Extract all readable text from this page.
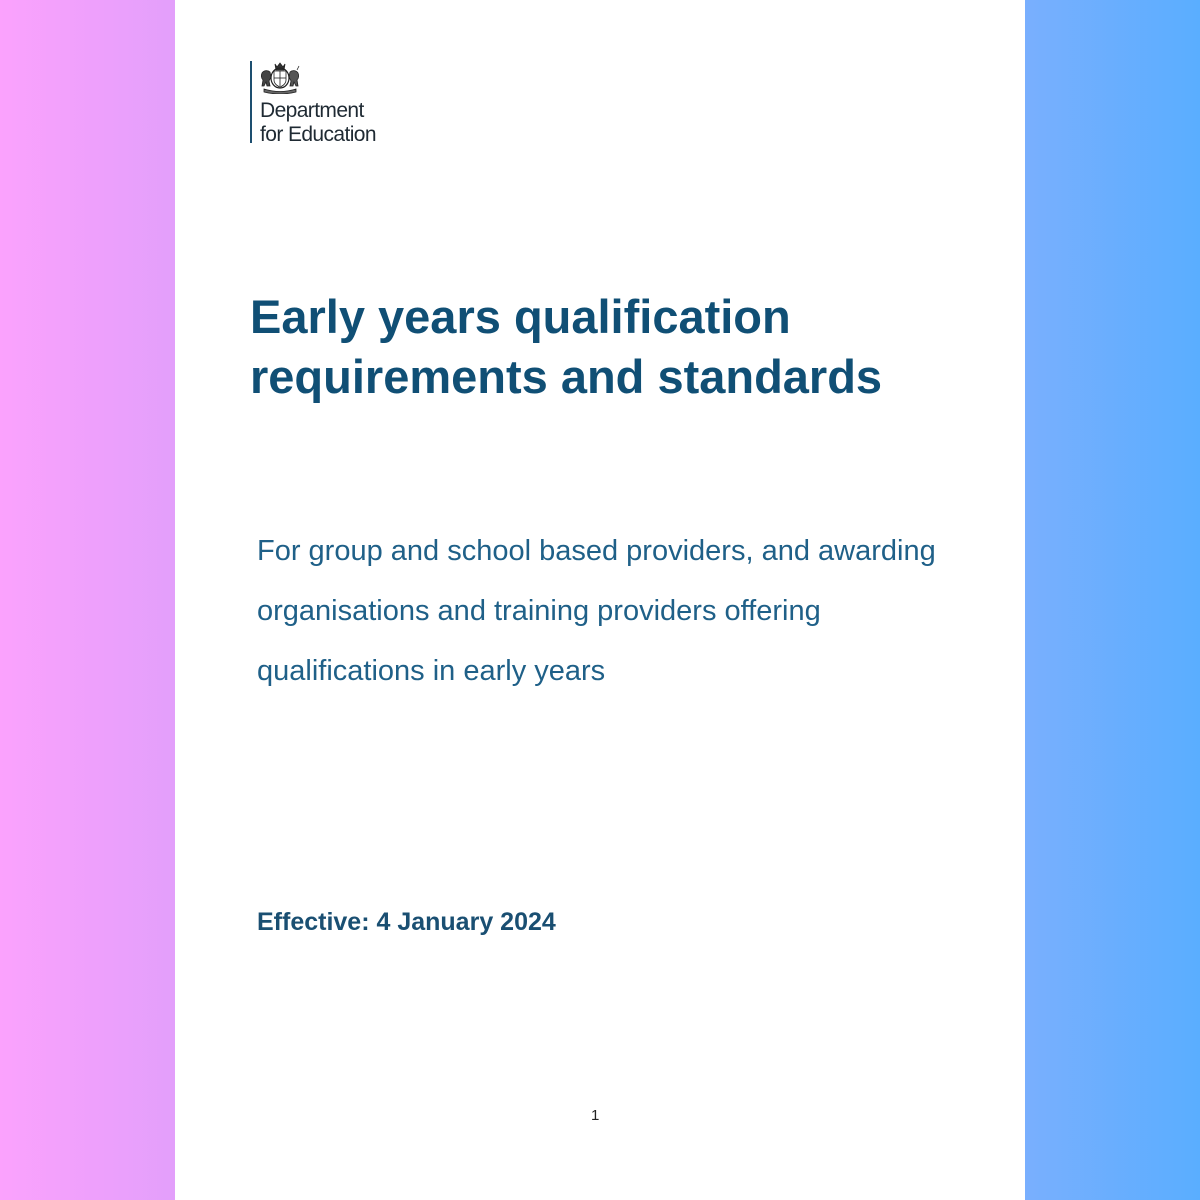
Department
for Education
Early years qualification requirements and standards

For group and school based providers, and awarding organisations and training providers offering qualifications in early years

Effective: 4 January 2024

1
